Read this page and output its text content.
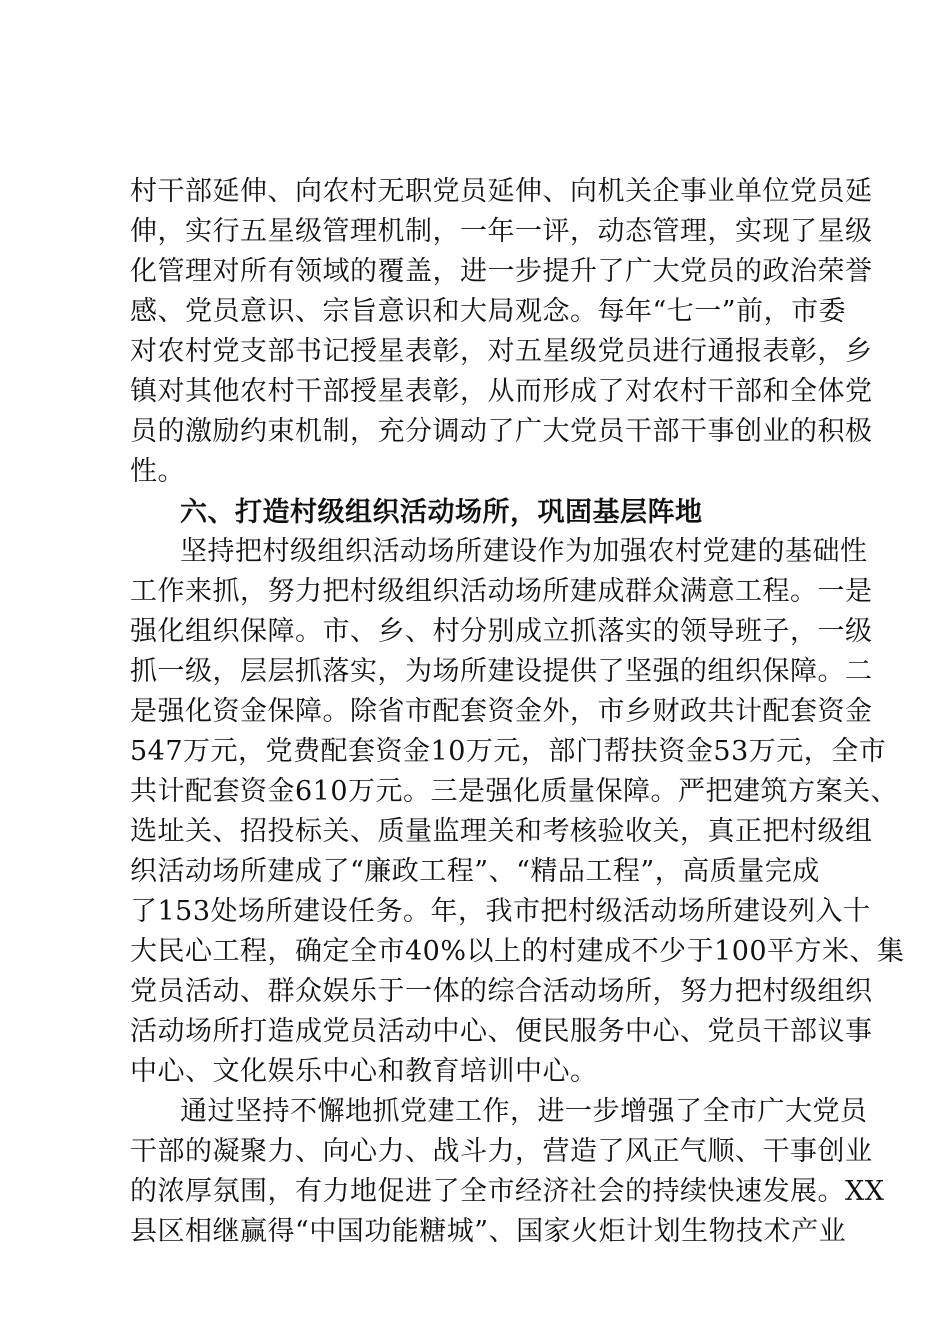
村干部延伸、向农村无职党员延伸、向机关企事业单位党员延
伸，实行五星级管理机制，一年一评，动态管理，实现了星级
化管理对所有领域的覆盖，进一步提升了广大党员的政治荣誉
感、党员意识、宗旨意识和大局观念。每年“七一”前，市委
对农村党支部书记授星表彰，对五星级党员进行通报表彰，乡
镇对其他农村干部授星表彰，从而形成了对农村干部和全体党
员的激励约束机制，充分调动了广大党员干部干事创业的积极
性。
六、打造村级组织活动场所，巩固基层阵地
坚持把村级组织活动场所建设作为加强农村党建的基础性
工作来抓，努力把村级组织活动场所建成群众满意工程。一是
强化组织保障。市、乡、村分别成立抓落实的领导班子，一级
抓一级，层层抓落实，为场所建设提供了坚强的组织保障。二
是强化资金保障。除省市配套资金外，市乡财政共计配套资金
547万元，党费配套资金10万元，部门帮扶资金53万元，全市
共计配套资金610万元。三是强化质量保障。严把建筑方案关、
选址关、招投标关、质量监理关和考核验收关，真正把村级组
织活动场所建成了“廉政工程”、“精品工程”，高质量完成
了153处场所建设任务。年，我市把村级活动场所建设列入十
大民心工程，确定全市40%以上的村建成不少于100平方米、集
党员活动、群众娱乐于一体的综合活动场所，努力把村级组织
活动场所打造成党员活动中心、便民服务中心、党员干部议事
中心、文化娱乐中心和教育培训中心。
通过坚持不懈地抓党建工作，进一步增强了全市广大党员
干部的凝聚力、向心力、战斗力，营造了风正气顺、干事创业
的浓厚氛围，有力地促进了全市经济社会的持续快速发展。XX
县区相继赢得“中国功能糖城”、国家火炬计划生物技术产业
